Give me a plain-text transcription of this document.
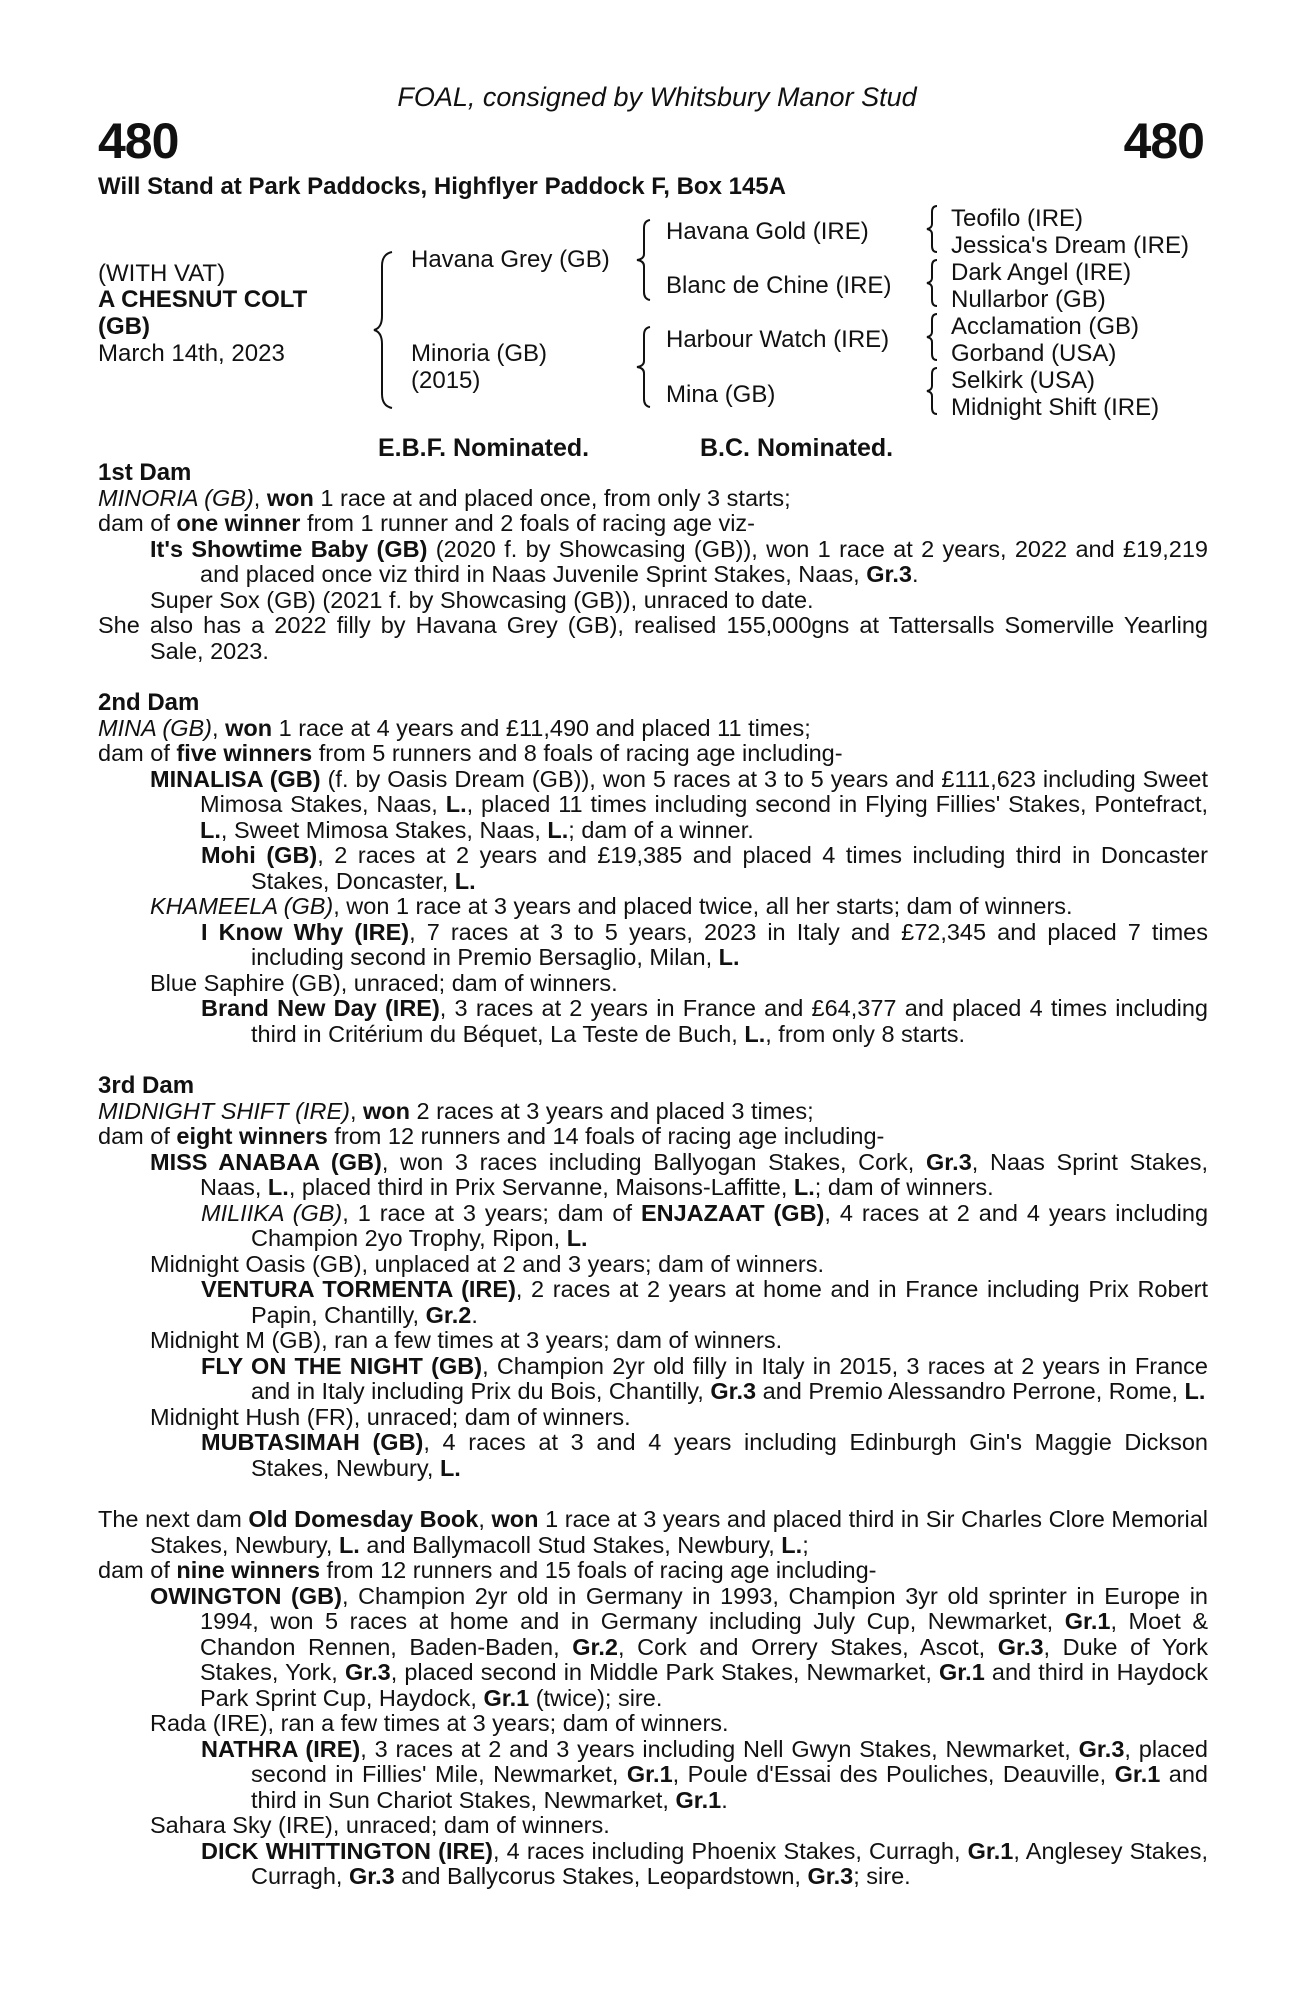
FOAL, consigned by Whitsbury Manor Stud
480	480
Will Stand at Park Paddocks, Highflyer Paddock F, Box 145A
(WITH VAT)
A CHESNUT COLT
(GB)
March 14th, 2023
Havana Grey (GB)
Minoria (GB)
(2015)
Havana Gold (IRE)
Blanc de Chine (IRE)
Harbour Watch (IRE)
Mina (GB)
Teofilo (IRE)
Jessica's Dream (IRE)
Dark Angel (IRE)
Nullarbor (GB)
Acclamation (GB)
Gorband (USA)
Selkirk (USA)
Midnight Shift (IRE)
E.B.F. Nominated.	B.C. Nominated.

1st Dam

MINORIA (GB), won 1 race at and placed once, from only 3 starts;

dam of one winner from 1 runner and 2 foals of racing age viz-

It's Showtime Baby (GB) (2020 f. by Showcasing (GB)), won 1 race at 2 years, 2022 and £19,219 and placed once viz third in Naas Juvenile Sprint Stakes, Naas, Gr.3.

Super Sox (GB) (2021 f. by Showcasing (GB)), unraced to date.

She also has a 2022 filly by Havana Grey (GB), realised 155,000gns at Tattersalls Somerville Yearling Sale, 2023.

2nd Dam

MINA (GB), won 1 race at 4 years and £11,490 and placed 11 times;

dam of five winners from 5 runners and 8 foals of racing age including-

MINALISA (GB) (f. by Oasis Dream (GB)), won 5 races at 3 to 5 years and £111,623 including Sweet Mimosa Stakes, Naas, L., placed 11 times including second in Flying Fillies' Stakes, Pontefract, L., Sweet Mimosa Stakes, Naas, L.; dam of a winner.

Mohi (GB), 2 races at 2 years and £19,385 and placed 4 times including third in Doncaster Stakes, Doncaster, L.

KHAMEELA (GB), won 1 race at 3 years and placed twice, all her starts; dam of winners.

I Know Why (IRE), 7 races at 3 to 5 years, 2023 in Italy and £72,345 and placed 7 times including second in Premio Bersaglio, Milan, L.

Blue Saphire (GB), unraced; dam of winners.

Brand New Day (IRE), 3 races at 2 years in France and £64,377 and placed 4 times including third in Critérium du Béquet, La Teste de Buch, L., from only 8 starts.

3rd Dam

MIDNIGHT SHIFT (IRE), won 2 races at 3 years and placed 3 times;

dam of eight winners from 12 runners and 14 foals of racing age including-

MISS ANABAA (GB), won 3 races including Ballyogan Stakes, Cork, Gr.3, Naas Sprint Stakes, Naas, L., placed third in Prix Servanne, Maisons-Laffitte, L.; dam of winners.

MILIIKA (GB), 1 race at 3 years; dam of ENJAZAAT (GB), 4 races at 2 and 4 years including Champion 2yo Trophy, Ripon, L.

Midnight Oasis (GB), unplaced at 2 and 3 years; dam of winners.

VENTURA TORMENTA (IRE), 2 races at 2 years at home and in France including Prix Robert Papin, Chantilly, Gr.2.

Midnight M (GB), ran a few times at 3 years; dam of winners.

FLY ON THE NIGHT (GB), Champion 2yr old filly in Italy in 2015, 3 races at 2 years in France and in Italy including Prix du Bois, Chantilly, Gr.3 and Premio Alessandro Perrone, Rome, L.

Midnight Hush (FR), unraced; dam of winners.

MUBTASIMAH (GB), 4 races at 3 and 4 years including Edinburgh Gin's Maggie Dickson Stakes, Newbury, L.

The next dam Old Domesday Book, won 1 race at 3 years and placed third in Sir Charles Clore Memorial Stakes, Newbury, L. and Ballymacoll Stud Stakes, Newbury, L.;

dam of nine winners from 12 runners and 15 foals of racing age including-

OWINGTON (GB), Champion 2yr old in Germany in 1993, Champion 3yr old sprinter in Europe in 1994, won 5 races at home and in Germany including July Cup, Newmarket, Gr.1, Moet & Chandon Rennen, Baden-Baden, Gr.2, Cork and Orrery Stakes, Ascot, Gr.3, Duke of York Stakes, York, Gr.3, placed second in Middle Park Stakes, Newmarket, Gr.1 and third in Haydock Park Sprint Cup, Haydock, Gr.1 (twice); sire.

Rada (IRE), ran a few times at 3 years; dam of winners.

NATHRA (IRE), 3 races at 2 and 3 years including Nell Gwyn Stakes, Newmarket, Gr.3, placed second in Fillies' Mile, Newmarket, Gr.1, Poule d'Essai des Pouliches, Deauville, Gr.1 and third in Sun Chariot Stakes, Newmarket, Gr.1.

Sahara Sky (IRE), unraced; dam of winners.

DICK WHITTINGTON (IRE), 4 races including Phoenix Stakes, Curragh, Gr.1, Anglesey Stakes, Curragh, Gr.3 and Ballycorus Stakes, Leopardstown, Gr.3; sire.
